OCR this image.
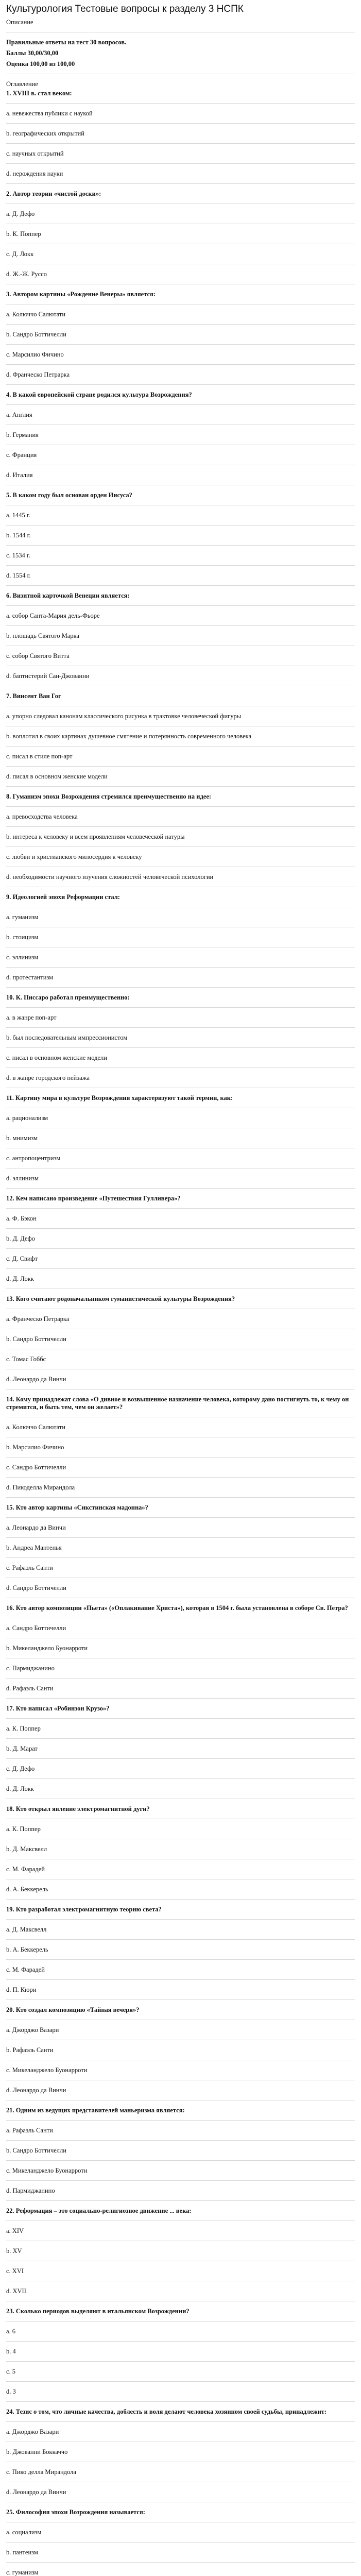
Культурология Тестовые вопросы к разделу 3 НСПК
Описание
Правильные ответы на тест 30 вопросов.
Баллы 30,00/30,00
Оценка 100,00 из 100,00
Оглавление
1. XVIII в. стал веком:
a. невежества публики с наукой
b. географических открытий
c. научных открытий
d. нерождения науки
2. Автор теории «чистой доски»:
a. Д. Дефо
b. К. Поппер
c. Д. Локк
d. Ж.-Ж. Руссо
3. Автором картины «Рождение Венеры» является:
a. Колюччо Салютати
b. Сандро Боттичелли
c. Марсилио Фичино
d. Франческо Петрарка
4. В какой европейской стране родился культура Возрождения?
a. Англия
b. Германия
c. Франция
d. Италия
5. В каком году был основан орден Иисуса?
a. 1445 г.
b. 1544 г.
c. 1534 г.
d. 1554 г.
6. Визитной карточкой Венеции является:
a. собор Санта-Мария дель-Фьоре
b. площадь Святого Марка
c. собор Святого Витта
d. баптистерий Сан-Джованни
7. Винсент Ван Гог
a. упорно следовал канонам классического рисунка в трактовке человеческой фигуры
b. воплотил в своих картинах душевное смятение и потерянность современного человека
c. писал в стиле поп-арт
d. писал в основном женские модели
8. Гуманизм эпохи Возрождения стремился преимущественно на идее:
a. превосходства человека
b. интереса к человеку и всем проявлениям человеческой натуры
c. любви и христианского милосердия к человеку
d. необходимости научного изучения сложностей человеческой психологии
9. Идеологией эпохи Реформации стал:
a. гуманизм
b. стоицизм
c. эллинизм
d. протестантизм
10. К. Писсаро работал преимущественно:
a. в жанре поп-арт
b. был последовательным импрессионистом
c. писал в основном женские модели
d. в жанре городского пейзажа
11. Картину мира в культуре Возрождения характеризуют такой термин, как:
a. рационализм
b. мнимизм
c. антропоцентризм
d. эллинизм
12. Кем написано произведение «Путешествия Гулливера»?
a. Ф. Бэкон
b. Д. Дефо
c. Д. Свифт
d. Д. Локк
13. Кого считают родоначальником гуманистической культуры Возрождения?
a. Франческо Петрарка
b. Сандро Боттичелли
c. Томас Гоббс
d. Леонардо да Винчи
14. Кому принадлежат слова «О дивное и возвышенное назначение человека, которому дано постигнуть то, к чему он стремится, и быть тем, чем он желает»?
a. Колюччо Салютати
b. Марсилио Фичино
c. Сандро Боттичелли
d. Пикоделла Мирандола
15. Кто автор картины «Сикстинская мадонна»?
a. Леонардо да Винчи
b. Андреа Мантенья
c. Рафаэль Санти
d. Сандро Боттичелли
16. Кто автор композиции «Пьета» («Оплакивание Христа»), которая в 1504 г. была установлена в соборе Св. Петра?
a. Сандро Боттичелли
b. Микеланджело Буонарроти
c. Пармиджанино
d. Рафаэль Санти
17. Кто написал «Робинзон Крузо»?
a. К. Поппер
b. Д. Марат
c. Д. Дефо
d. Д. Локк
18. Кто открыл явление электромагнитной дуги?
a. К. Поппер
b. Д. Максвелл
c. М. Фарадей
d. А. Беккерель
19. Кто разработал электромагнитную теорию света?
a. Д. Максвелл
b. А. Беккерель
c. М. Фарадей
d. П. Кюри
20. Кто создал композицию «Тайная вечеря»?
a. Джорджо Вазари
b. Рафаэль Санти
c. Микеланджело Буонарроти
d. Леонардо да Винчи
21. Одним из ведущих представителей маньеризма является:
a. Рафаэль Санти
b. Сандро Боттичелли
c. Микеланджело Буонарроти
d. Пармиджанино
22. Реформация – это социально-религиозное движение ... века:
a. XIV
b. XV
c. XVI
d. XVII
23. Сколько периодов выделяют в итальянском Возрождении?
a. 6
b. 4
c. 5
d. 3
24. Тезис о том, что личные качества, доблесть и воля делают человека хозяином своей судьбы, принадлежит:
a. Джорджо Вазари
b. Джованни Боккаччо
c. Пико делла Мирандола
d. Леонардо да Винчи
25. Философия эпохи Возрождения называется:
a. социализм
b. пантеизм
c. гуманизм
